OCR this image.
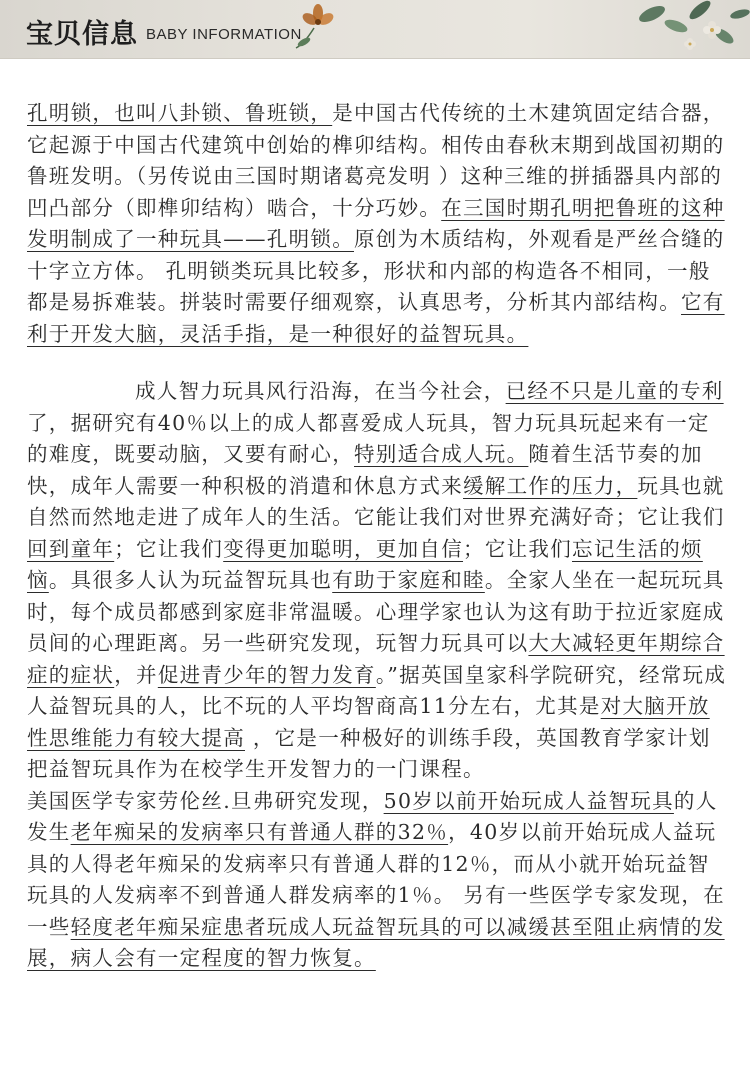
宝贝信息 BABY INFORMATION

孔明锁，也叫八卦锁、鲁班锁，是中国古代传统的土木建筑固定结合器，它起源于中国古代建筑中创始的榫卯结构。相传由春秋末期到战国初期的鲁班发明。（另传说由三国时期诸葛亮发明 ）这种三维的拼插器具内部的凹凸部分（即榫卯结构）啮合，十分巧妙。在三国时期孔明把鲁班的这种发明制成了一种玩具——孔明锁。原创为木质结构，外观看是严丝合缝的十字立方体。 孔明锁类玩具比较多，形状和内部的构造各不相同，一般都是易拆难装。拼装时需要仔细观察，认真思考，分析其内部结构。它有利于开发大脑，灵活手指，是一种很好的益智玩具。

成人智力玩具风行沿海，在当今社会，已经不只是儿童的专利了，据研究有40％以上的成人都喜爱成人玩具，智力玩具玩起来有一定的难度，既要动脑，又要有耐心，特别适合成人玩。随着生活节奏的加快，成年人需要一种积极的消遣和休息方式来缓解工作的压力，玩具也就自然而然地走进了成年人的生活。它能让我们对世界充满好奇；它让我们回到童年；它让我们变得更加聪明，更加自信；它让我们忘记生活的烦恼。具很多人认为玩益智玩具也有助于家庭和睦。全家人坐在一起玩玩具时，每个成员都感到家庭非常温暖。心理学家也认为这有助于拉近家庭成员间的心理距离。另一些研究发现，玩智力玩具可以大大减轻更年期综合症的症状，并促进青少年的智力发育。”据英国皇家科学院研究，经常玩成人益智玩具的人，比不玩的人平均智商高11分左右，尤其是对大脑开放性思维能力有较大提高 ，它是一种极好的训练手段，英国教育学家计划把益智玩具作为在校学生开发智力的一门课程。

美国医学专家劳伦丝.旦弗研究发现，50岁以前开始玩成人益智玩具的人发生老年痴呆的发病率只有普通人群的32％，40岁以前开始玩成人益玩具的人得老年痴呆的发病率只有普通人群的12％，而从小就开始玩益智玩具的人发病率不到普通人群发病率的1％。 另有一些医学专家发现，在一些轻度老年痴呆症患者玩成人玩益智玩具的可以减缓甚至阻止病情的发展，病人会有一定程度的智力恢复。
